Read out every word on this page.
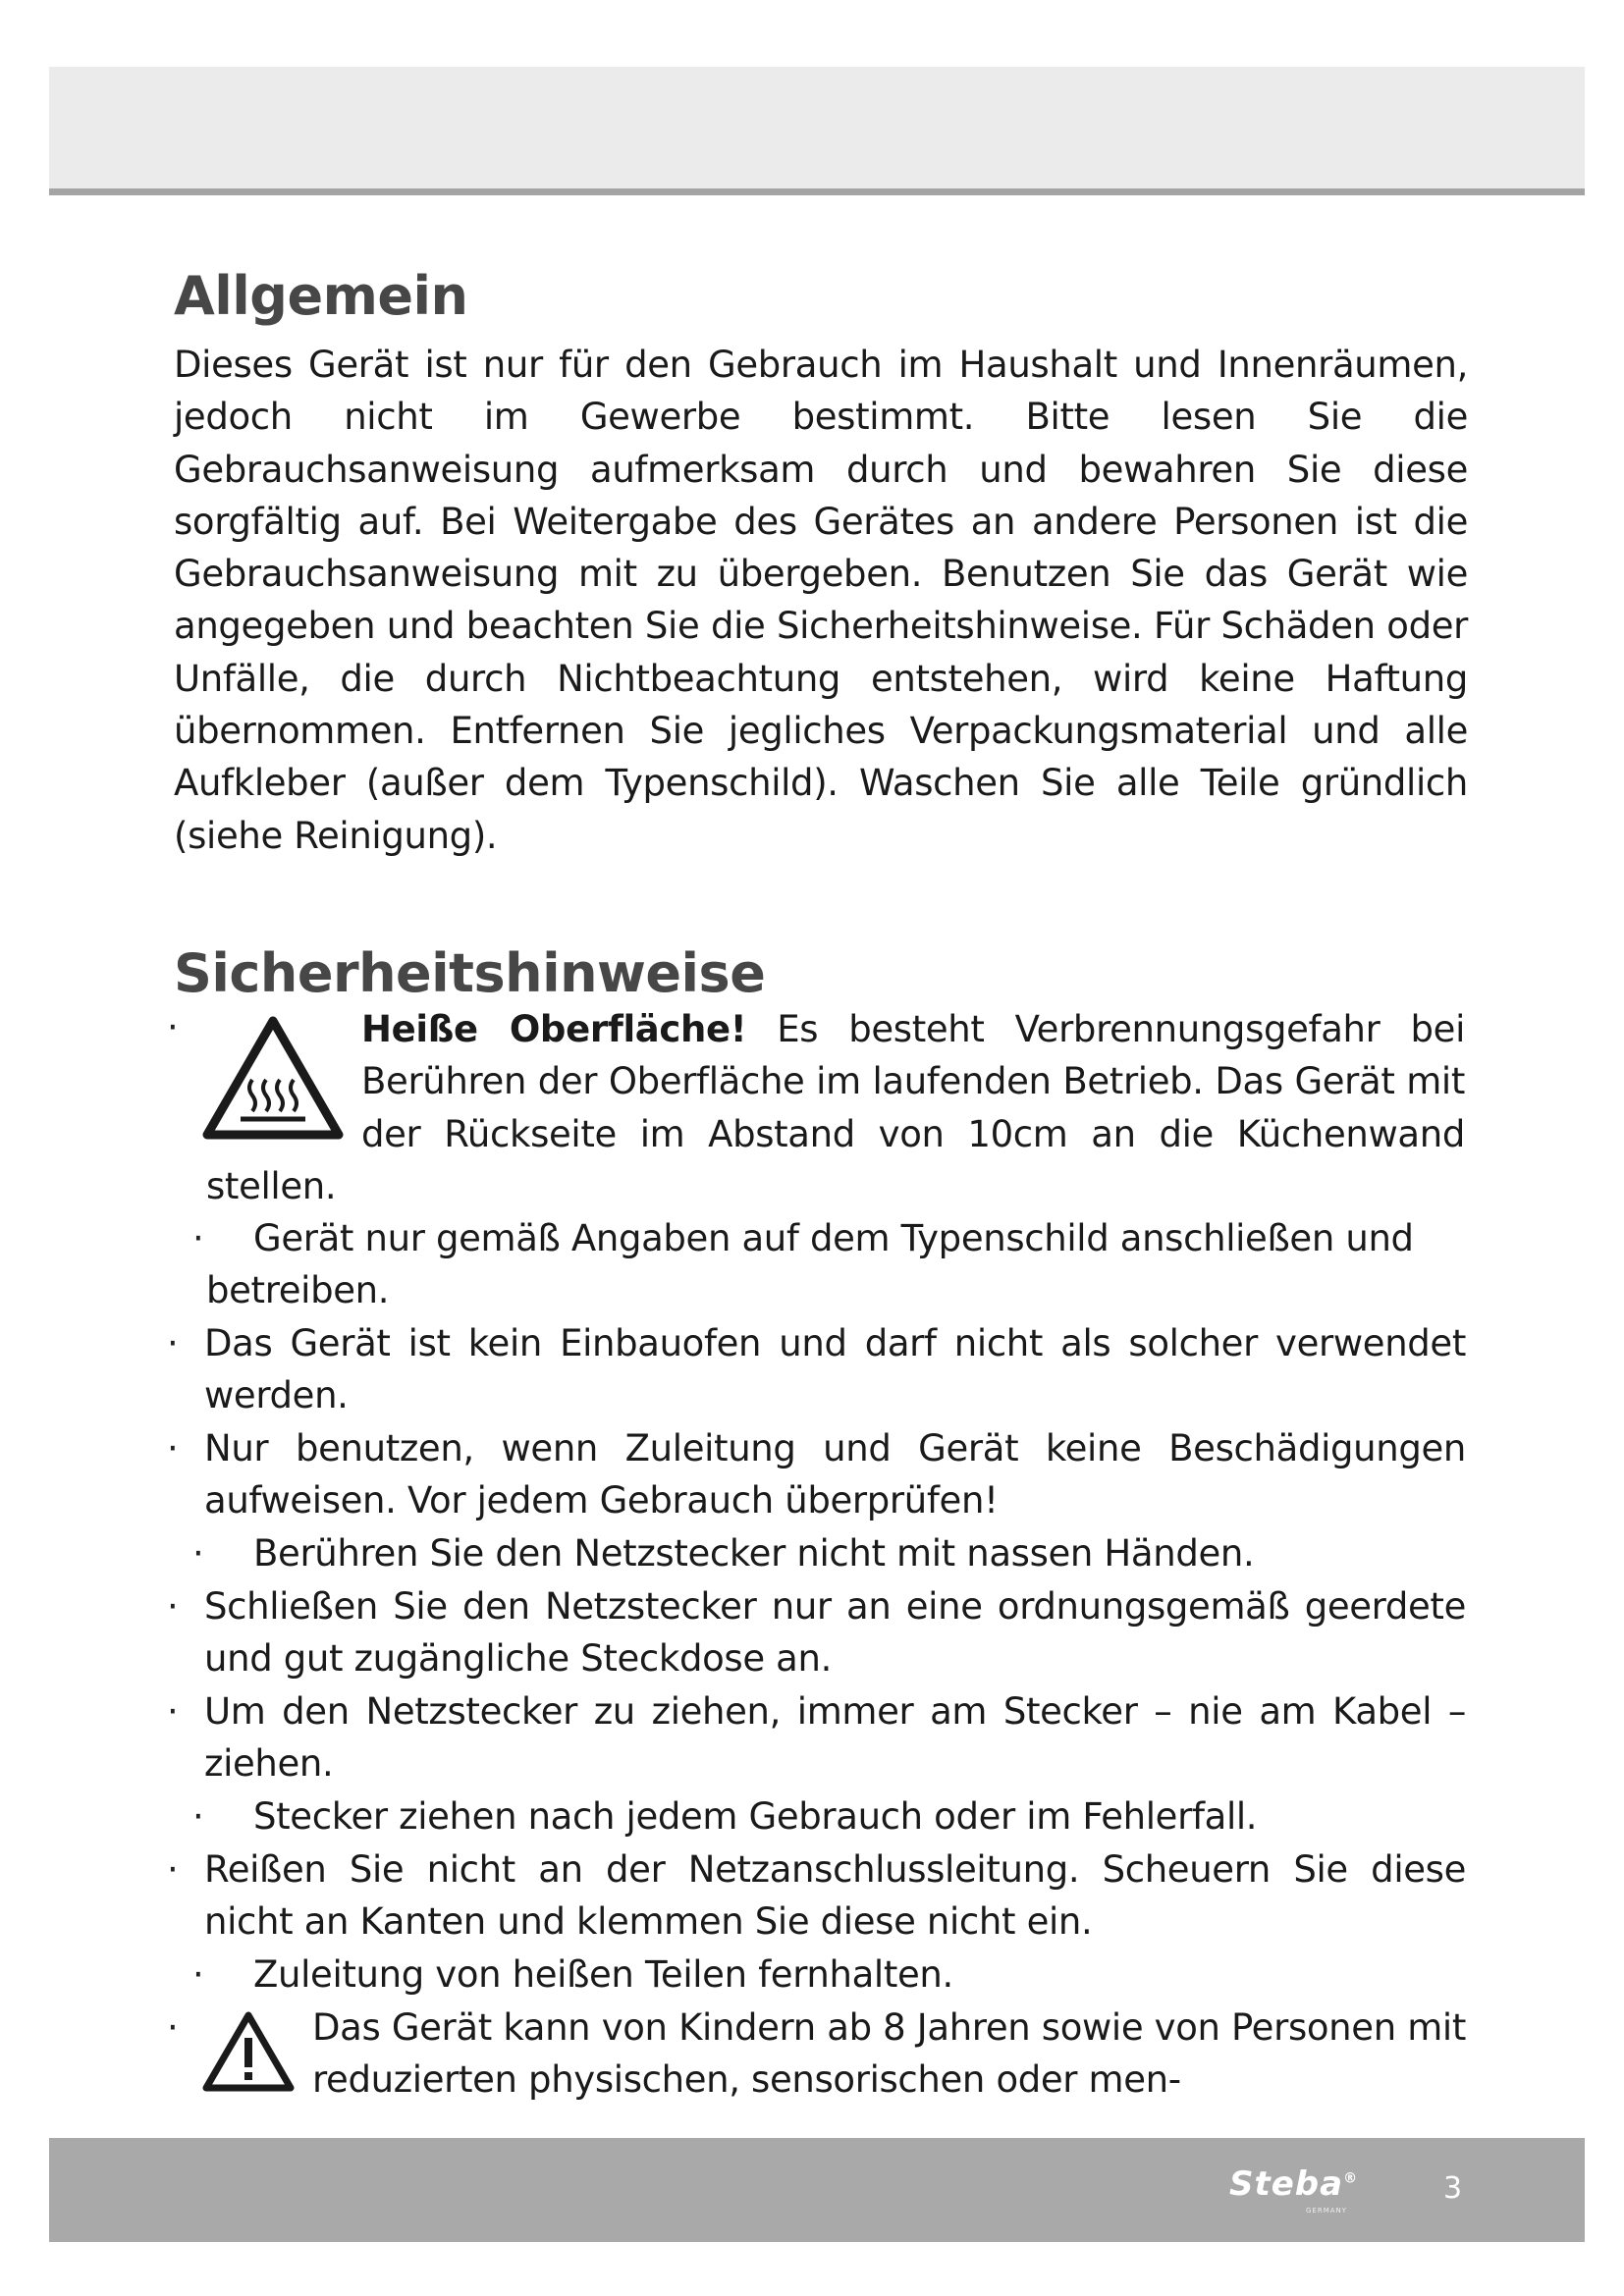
Allgemein

Dieses Gerät ist nur für den Gebrauch im Haushalt und Innenräumen, jedoch nicht im Gewerbe bestimmt. Bitte lesen Sie die Gebrauchsanweisung aufmerksam durch und bewahren Sie diese sorgfältig auf. Bei Weitergabe des Gerätes an andere Personen ist die Gebrauchsanweisung mit zu übergeben. Benutzen Sie das Gerät wie angegeben und beachten Sie die Sicherheitshinweise. Für Schäden oder Unfälle, die durch Nichtbeachtung entstehen, wird keine Haftung übernommen. Entfernen Sie jegliches Verpackungsmaterial und alle Aufkleber (außer dem Typenschild). Waschen Sie alle Teile gründlich (siehe Reinigung).

Sicherheitshinweise
·	Heiße Oberfläche! Es besteht Verbrennungsgefahr bei Berühren der Oberfläche im laufenden Betrieb. Das Gerät mit der Rückseite im Abstand von 10cm an die Küchenwand stellen.

·	Gerät nur gemäß Angaben auf dem Typenschild anschließen und betreiben.

· Das Gerät ist kein Einbauofen und darf nicht als solcher verwendet werden.

· Nur benutzen, wenn Zuleitung und Gerät keine Beschädigungen aufweisen. Vor jedem Gebrauch überprüfen!

· Berühren Sie den Netzstecker nicht mit nassen Händen.

· Schließen Sie den Netzstecker nur an eine ordnungsgemäß geerdete und gut zugängliche Steckdose an.

· Um den Netzstecker zu ziehen, immer am Stecker – nie am Kabel – ziehen.

· Stecker ziehen nach jedem Gebrauch oder im Fehlerfall.

· Reißen Sie nicht an der Netzanschlussleitung. Scheuern Sie diese nicht an Kanten und klemmen Sie diese nicht ein.

· Zuleitung von heißen Teilen fernhalten.

·	Das Gerät kann von Kindern ab 8 Jahren sowie von Personen mit reduzierten physischen, sensorischen oder men-

Steba®
GERMANY
3
